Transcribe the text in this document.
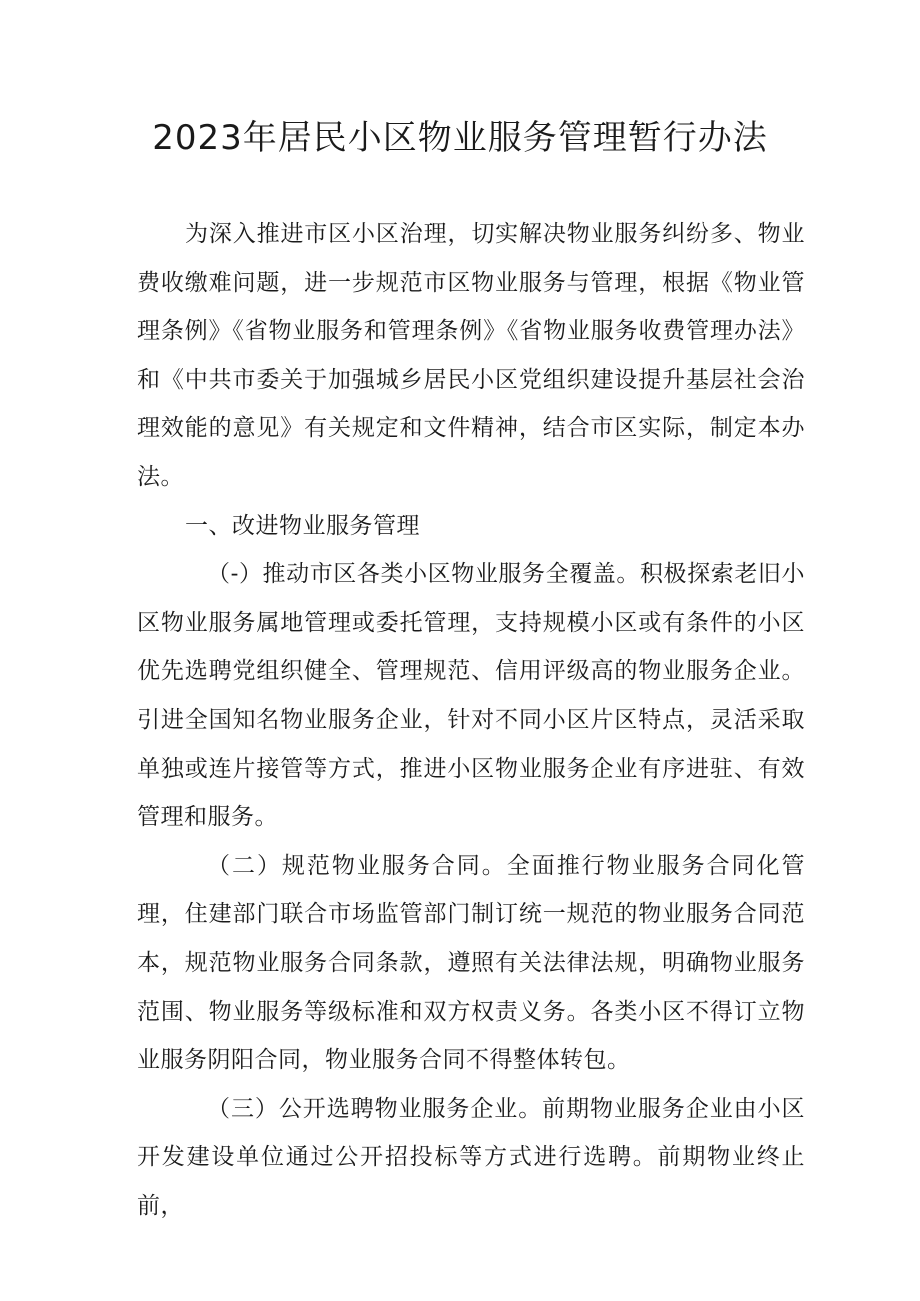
2023年居民小区物业服务管理暂行办法

为深入推进市区小区治理，切实解决物业服务纠纷多、物业费收缴难问题，进一步规范市区物业服务与管理，根据《物业管理条例》《省物业服务和管理条例》《省物业服务收费管理办法》和《中共市委关于加强城乡居民小区党组织建设提升基层社会治理效能的意见》有关规定和文件精神，结合市区实际，制定本办法。

一、改进物业服务管理

（-）推动市区各类小区物业服务全覆盖。积极探索老旧小区物业服务属地管理或委托管理，支持规模小区或有条件的小区优先选聘党组织健全、管理规范、信用评级高的物业服务企业。引进全国知名物业服务企业，针对不同小区片区特点，灵活采取单独或连片接管等方式，推进小区物业服务企业有序进驻、有效管理和服务。

（二）规范物业服务合同。全面推行物业服务合同化管理，住建部门联合市场监管部门制订统一规范的物业服务合同范本，规范物业服务合同条款，遵照有关法律法规，明确物业服务范围、物业服务等级标准和双方权责义务。各类小区不得订立物业服务阴阳合同，物业服务合同不得整体转包。

（三）公开选聘物业服务企业。前期物业服务企业由小区开发建设单位通过公开招投标等方式进行选聘。前期物业终止前，
